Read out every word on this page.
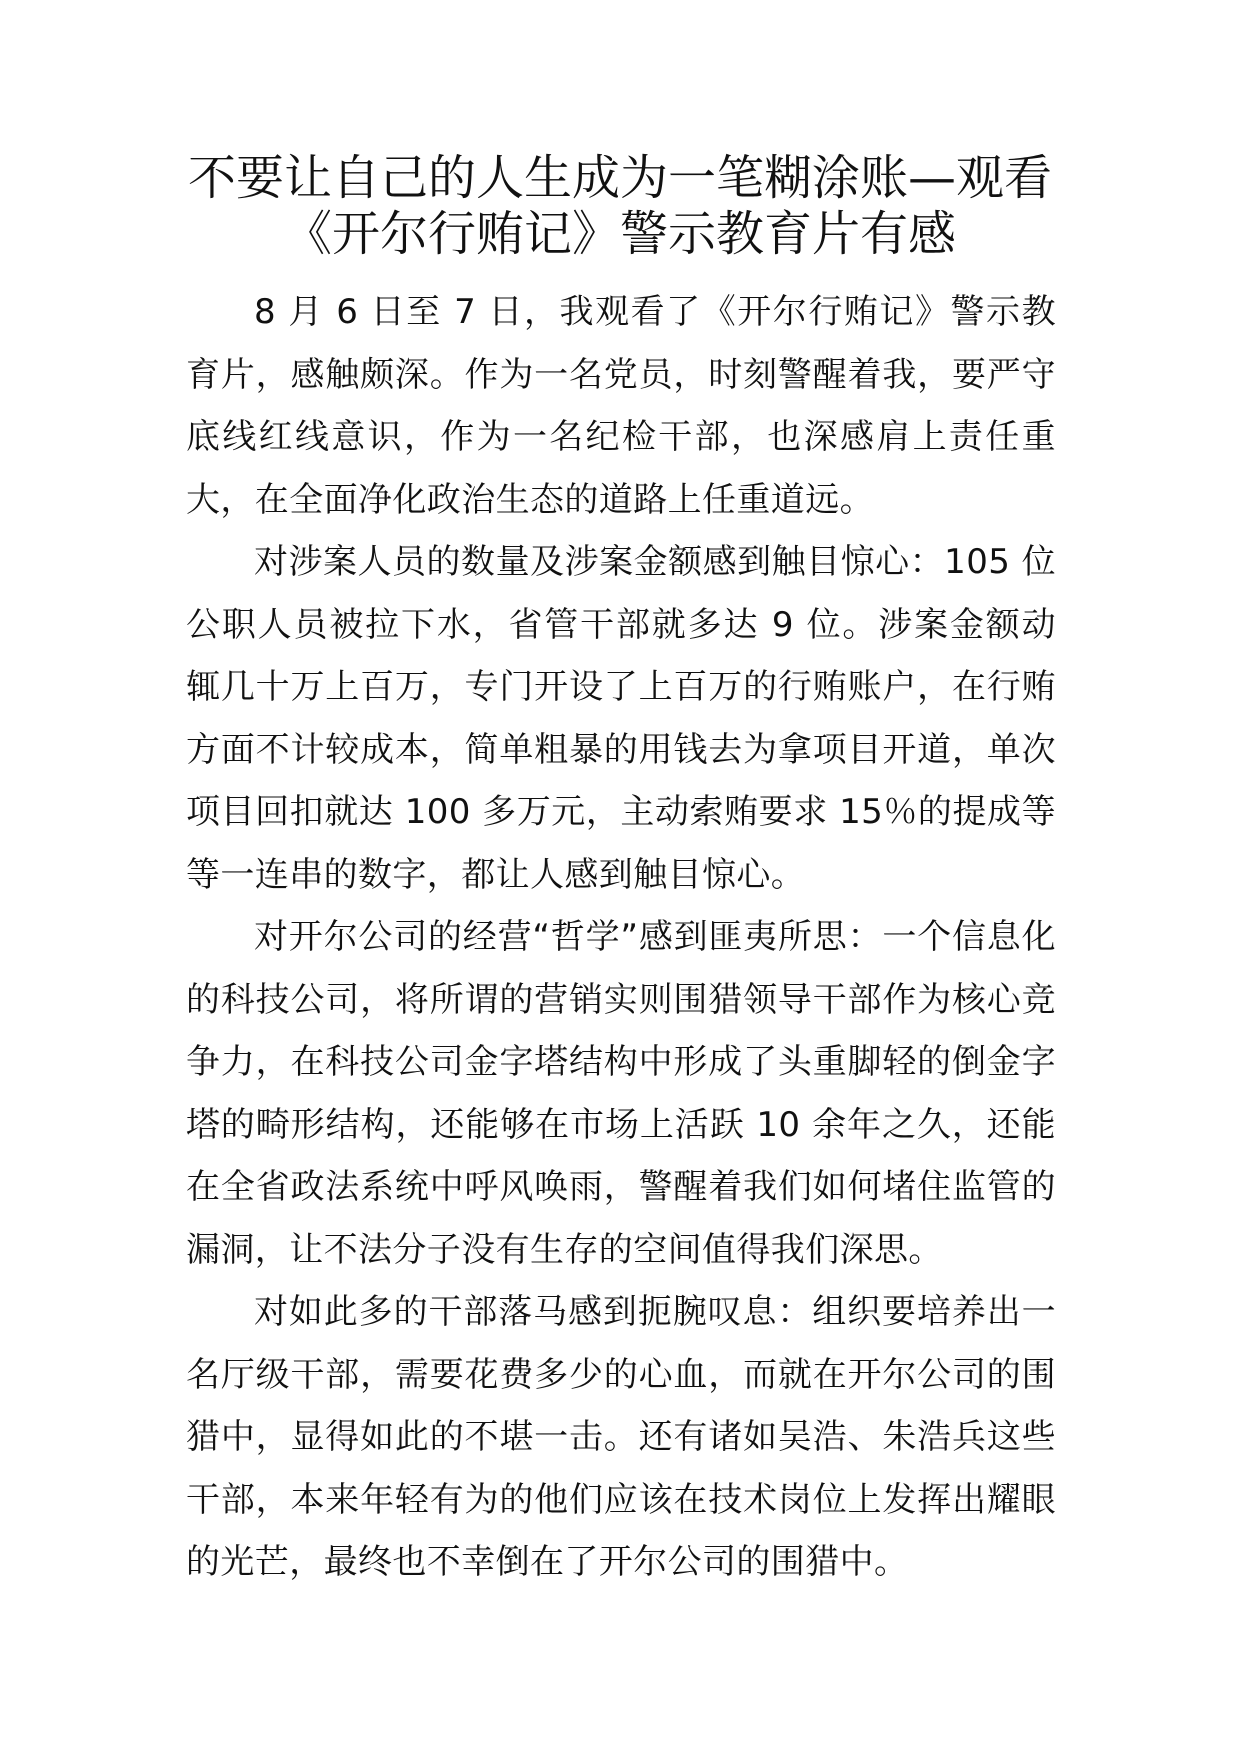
不要让自己的人生成为一笔糊涂账—观看
《开尔行贿记》警示教育片有感

8 月 6 日至 7 日，我观看了《开尔行贿记》警示教育片，感触颇深。作为一名党员，时刻警醒着我，要严守底线红线意识，作为一名纪检干部，也深感肩上责任重大，在全面净化政治生态的道路上任重道远。

对涉案人员的数量及涉案金额感到触目惊心：105 位公职人员被拉下水，省管干部就多达 9 位。涉案金额动辄几十万上百万，专门开设了上百万的行贿账户，在行贿方面不计较成本，简单粗暴的用钱去为拿项目开道，单次项目回扣就达 100 多万元，主动索贿要求 15％的提成等等一连串的数字，都让人感到触目惊心。

对开尔公司的经营“哲学”感到匪夷所思：一个信息化的科技公司，将所谓的营销实则围猎领导干部作为核心竞争力，在科技公司金字塔结构中形成了头重脚轻的倒金字塔的畸形结构，还能够在市场上活跃 10 余年之久，还能在全省政法系统中呼风唤雨，警醒着我们如何堵住监管的漏洞，让不法分子没有生存的空间值得我们深思。

对如此多的干部落马感到扼腕叹息：组织要培养出一名厅级干部，需要花费多少的心血，而就在开尔公司的围猎中，显得如此的不堪一击。还有诸如吴浩、朱浩兵这些干部，本来年轻有为的他们应该在技术岗位上发挥出耀眼的光芒，最终也不幸倒在了开尔公司的围猎中。
